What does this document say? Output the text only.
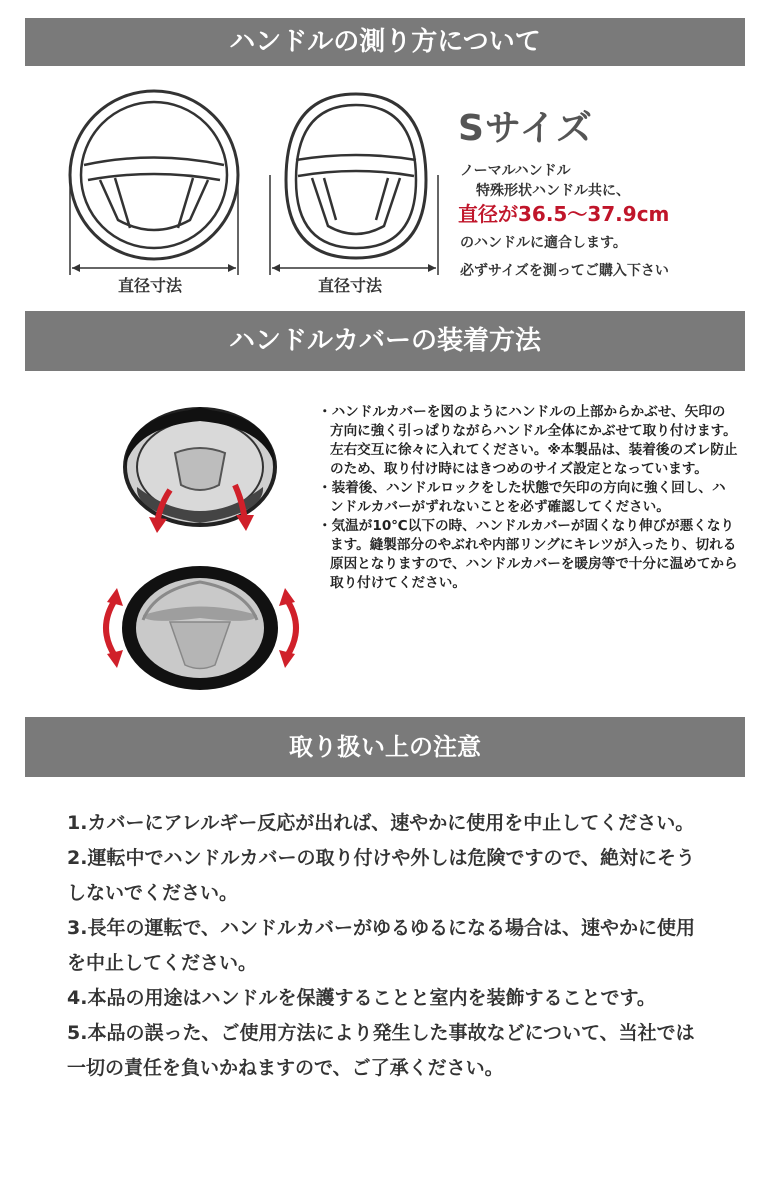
ハンドルの測り方について
直径寸法	直径寸法
Sサイズ
ノーマルハンドル
特殊形状ハンドル共に、
直径が36.5～37.9cm
のハンドルに適合します。
必ずサイズを測ってご購入下さい
ハンドルカバーの装着方法

・ハンドルカバーを図のようにハンドルの上部からかぶせ、矢印の方向に強く引っぱりながらハンドル全体にかぶせて取り付けます。左右交互に徐々に入れてください。※本製品は、装着後のズレ防止のため、取り付け時にはきつめのサイズ設定となっています。

・装着後、ハンドルロックをした状態で矢印の方向に強く回し、ハンドルカバーがずれないことを必ず確認してください。

・気温が10℃以下の時、ハンドルカバーが固くなり伸びが悪くなります。縫製部分のやぶれや内部リングにキレツが入ったり、切れる原因となりますので、ハンドルカバーを暖房等で十分に温めてから取り付けてください。

取り扱い上の注意

1.カバーにアレルギー反応が出れば、速やかに使用を中止してください。

2.運転中でハンドルカバーの取り付けや外しは危険ですので、絶対にそうしないでください。

3.長年の運転で、ハンドルカバーがゆるゆるになる場合は、速やかに使用を中止してください。

4.本品の用途はハンドルを保護することと室内を装飾することです。

5.本品の誤った、ご使用方法により発生した事故などについて、当社では一切の責任を負いかねますので、ご了承ください。
